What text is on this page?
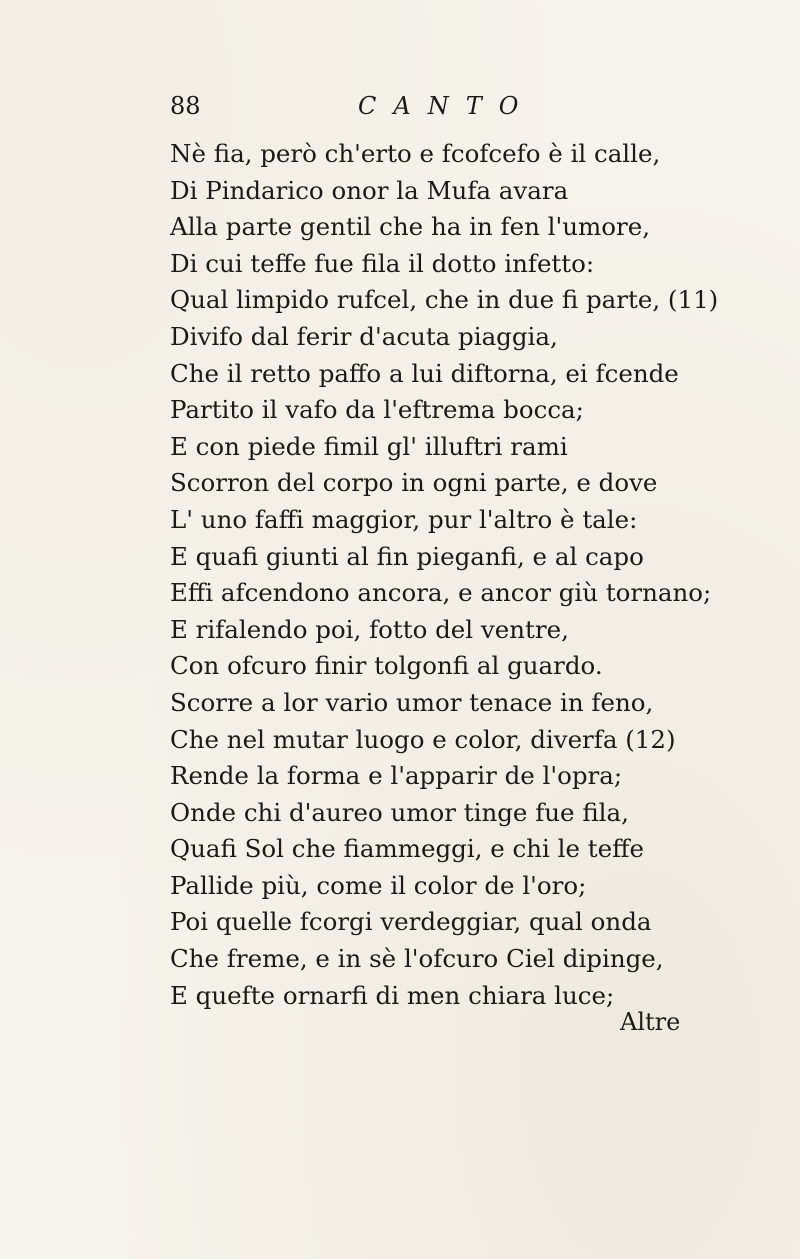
88	CANTO
Nè fia, però ch'erto e fcofcefo è il calle,
Di Pindarico onor la Mufa avara
Alla parte gentil che ha in fen l'umore,
Di cui teffe fue fila il dotto infetto:
Qual limpido rufcel, che in due fi parte, (11)
Divifo dal ferir d'acuta piaggia,
Che il retto paffo a lui diftorna, ei fcende
Partito il vafo da l'eftrema bocca;
E con piede fimil gl' illuftri rami
Scorron del corpo in ogni parte, e dove
L' uno faffi maggior, pur l'altro è tale:
E quafi giunti al fin pieganfi, e al capo
Effi afcendono ancora, e ancor giù tornano;
E rifalendo poi, fotto del ventre,
Con ofcuro finir tolgonfi al guardo.
Scorre a lor vario umor tenace in feno,
Che nel mutar luogo e color, diverfa (12)
Rende la forma e l'apparir de l'opra;
Onde chi d'aureo umor tinge fue fila,
Quafi Sol che fiammeggi, e chi le teffe
Pallide più, come il color de l'oro;
Poi quelle fcorgi verdeggiar, qual onda
Che freme, e in sè l'ofcuro Ciel dipinge,
E quefte ornarfi di men chiara luce;
Altre
